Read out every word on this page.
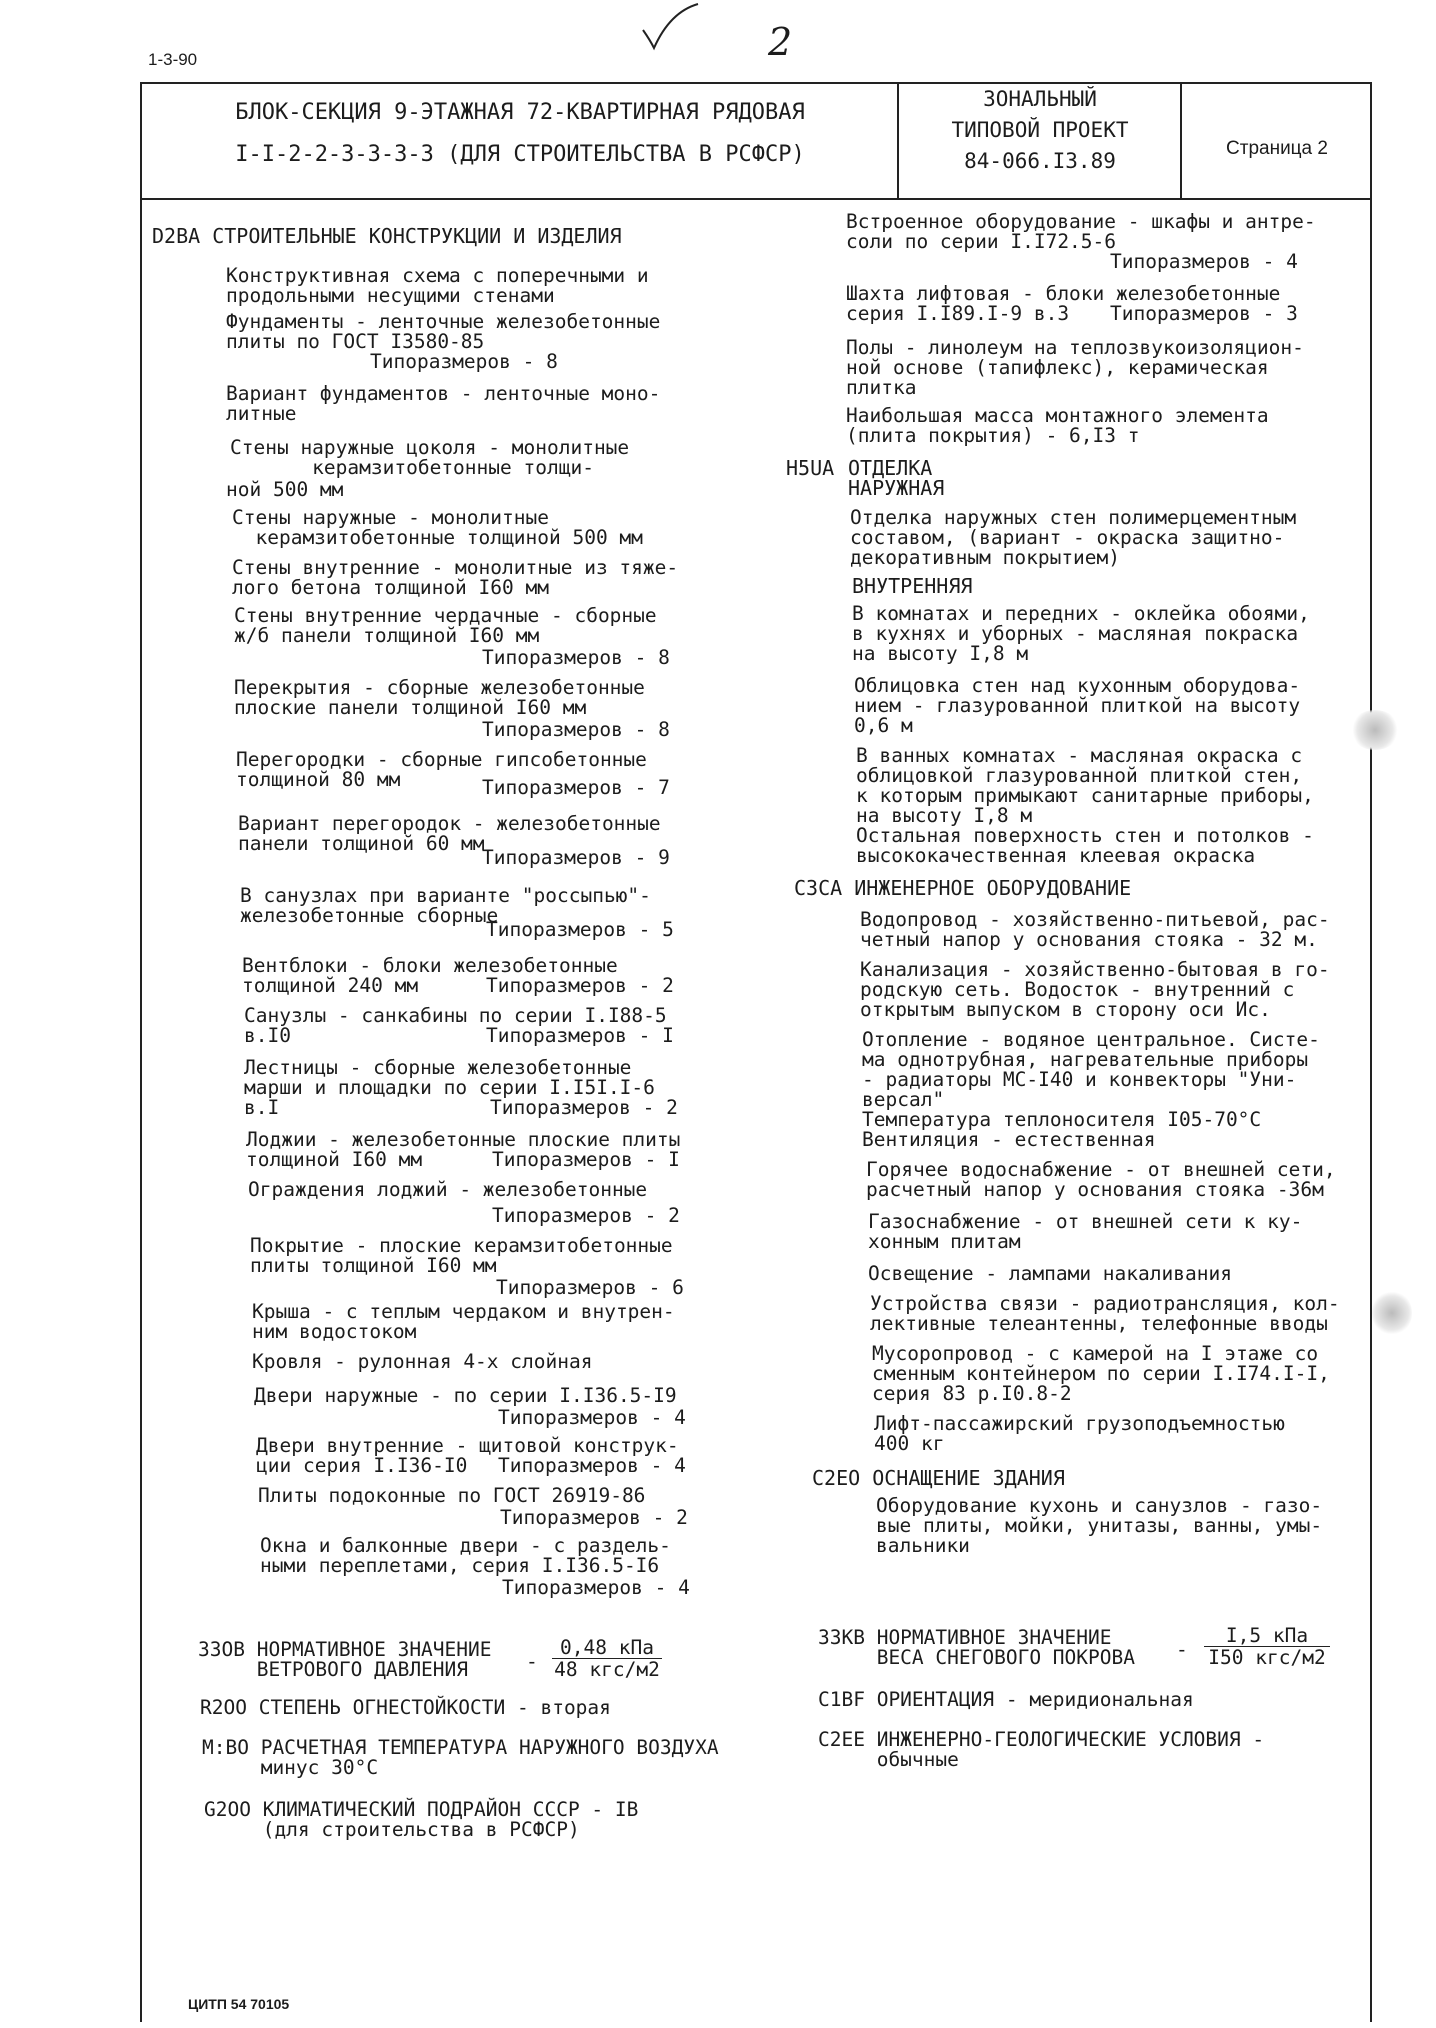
1-3-90	2
БЛОК-СЕКЦИЯ 9-ЭТАЖНАЯ 72-КВАРТИРНАЯ РЯДОВАЯ
I-I-2-2-3-3-3-3 (ДЛЯ СТРОИТЕЛЬСТВА В РСФСР)
ЗОНАЛЬНЫЙ
ТИПОВОЙ ПРОЕКТ
84-066.I3.89
Страница 2
D2BA СТРОИТЕЛЬНЫЕ КОНСТРУКЦИИ И ИЗДЕЛИЯ
Конструктивная схема с поперечными и
продольными несущими стенами
Фундаменты - ленточные железобетонные
плиты по ГОСТ I3580-85
Типоразмеров - 8
Вариант фундаментов - ленточные моно-
литные
Стены наружные цоколя - монолитные
керамзитобетонные толщи-
ной 500 мм
Стены наружные - монолитные
керамзитобетонные толщиной 500 мм
Стены внутренние - монолитные из тяже-
лого бетона толщиной I60 мм
Стены внутренние чердачные - сборные
ж/б панели толщиной I60 мм
Типоразмеров - 8
Перекрытия - сборные железобетонные
плоские панели толщиной I60 мм
Типоразмеров - 8
Перегородки - сборные гипсобетонные
толщиной 80 мм	Типоразмеров - 7
Вариант перегородок - железобетонные
панели толщиной 60 мм
Типоразмеров - 9
В санузлах при варианте "россыпью"-
железобетонные сборные
Типоразмеров - 5
Вентблоки - блоки железобетонные
толщиной 240 мм	Типоразмеров - 2
Санузлы - санкабины по серии I.I88-5
в.I0	Типоразмеров - I
Лестницы - сборные железобетонные
марши и площадки по серии I.I5I.I-6
в.I	Типоразмеров - 2
Лоджии - железобетонные плоские плиты
толщиной I60 мм	Типоразмеров - I
Ограждения лоджий - железобетонные
Типоразмеров - 2
Покрытие - плоские керамзитобетонные
плиты толщиной I60 мм
Типоразмеров - 6
Крыша - с теплым чердаком и внутрен-
ним водостоком
Кровля - рулонная 4-х слойная
Двери наружные - по серии I.I36.5-I9
Типоразмеров - 4
Двери внутренние - щитовой конструк-
ции серия I.I36-I0	Типоразмеров - 4
Плиты подоконные по ГОСТ 26919-86
Типоразмеров - 2
Окна и балконные двери - с раздель-
ными переплетами, серия I.I36.5-I6
Типоразмеров - 4
Встроенное оборудование - шкафы и антре-
соли по серии I.I72.5-6
Типоразмеров - 4
Шахта лифтовая - блоки железобетонные
серия I.I89.I-9 в.3	Типоразмеров - 3
Полы - линолеум на теплозвукоизоляцион-
ной основе (тапифлекс), керамическая
плитка
Наибольшая масса монтажного элемента
(плита покрытия) - 6,I3 т
H5UA ОТДЕЛКА
НАРУЖНАЯ
Отделка наружных стен полимерцементным
составом, (вариант - окраска защитно-
декоративным покрытием)
ВНУТРЕННЯЯ
В комнатах и передних - оклейка обоями,
в кухнях и уборных - масляная покраска
на высоту I,8 м
Облицовка стен над кухонным оборудова-
нием - глазурованной плиткой на высоту
0,6 м
В ванных комнатах - масляная окраска с
облицовкой глазурованной плиткой стен,
к которым примыкают санитарные приборы,
на высоту I,8 м
Остальная поверхность стен и потолков -
высококачественная клеевая окраска
C3CA ИНЖЕНЕРНОЕ ОБОРУДОВАНИЕ
Водопровод - хозяйственно-питьевой, рас-
четный напор у основания стояка - 32 м.
Канализация - хозяйственно-бытовая в го-
родскую сеть. Водосток - внутренний с
открытым выпуском в сторону оси Ис.
Отопление - водяное центральное. Систе-
ма однотрубная, нагревательные приборы
- радиаторы МС-I40 и конвекторы "Уни-
версал"
Температура теплоносителя I05-70°C
Вентиляция - естественная
Горячее водоснабжение - от внешней сети,
расчетный напор у основания стояка -36м
Газоснабжение - от внешней сети к ку-
хонным плитам
Освещение - лампами накаливания
Устройства связи - радиотрансляция, кол-
лективные телеантенны, телефонные вводы
Мусоропровод - с камерой на I этаже со
сменным контейнером по серии I.I74.I-I,
серия 83 р.I0.8-2
Лифт-пассажирский грузоподъемностью
400 кг
C2EO ОСНАЩЕНИЕ ЗДАНИЯ
Оборудование кухонь и санузлов - газо-
вые плиты, мойки, унитазы, ванны, умы-
вальники
ЗЗОВ НОРМАТИВНОЕ ЗНАЧЕНИЕ
ВЕТРОВОГО ДАВЛЕНИЯ	-
0,48 кПа
48 кгс/м2
R2OO СТЕПЕНЬ ОГНЕСТОЙКОСТИ - вторая
M:BO РАСЧЕТНАЯ ТЕМПЕРАТУРА НАРУЖНОГО ВОЗДУХА
минус 30°C
G2OO КЛИМАТИЧЕСКИЙ ПОДРАЙОН СССР - IB
(для строительства в РСФСР)
ЗЗКВ НОРМАТИВНОЕ ЗНАЧЕНИЕ
ВЕСА СНЕГОВОГО ПОКРОВА -
I,5 кПа
I50 кгс/м2
C1BF ОРИЕНТАЦИЯ - меридиональная
C2EE ИНЖЕНЕРНО-ГЕОЛОГИЧЕСКИЕ УСЛОВИЯ -
обычные
ЦИТП 54 70105
